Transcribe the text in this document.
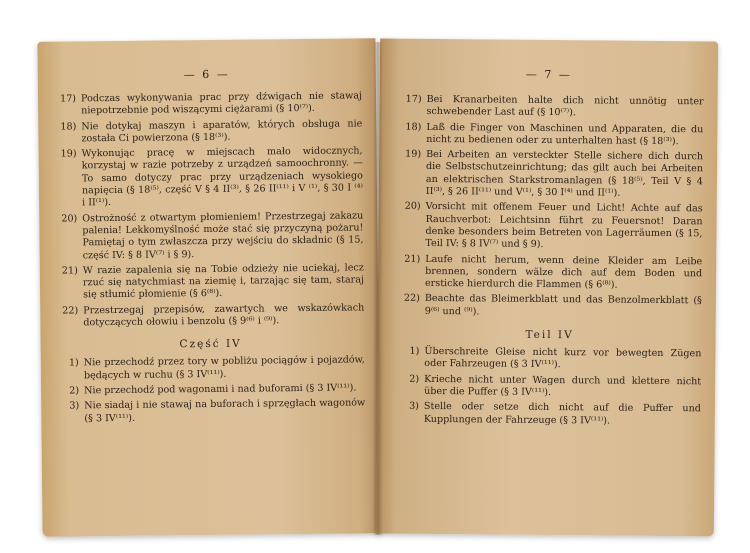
— 6 —
17) Podczas wykonywania prac przy dźwigach nie stawaj niepotrzebnie pod wiszącymi ciężarami (§ 10⁽⁷⁾).
18) Nie dotykaj maszyn i aparatów, których obsługa nie została Ci powierzona (§ 18⁽³⁾).
19) Wykonując pracę w miejscach mało widocznych, korzystaj w razie potrzeby z urządzeń samoochronny. — To samo dotyczy prac przy urządzeniach wysokiego napięcia (§ 18⁽⁵⁾, część V § 4 II⁽³⁾, § 26 II⁽¹¹⁾ i V ⁽¹⁾, § 30 I ⁽⁴⁾ i II⁽¹⁾).
20) Ostrożność z otwartym płomieniem! Przestrzegaj zakazu palenia! Lekkomyślność może stać się przyczyną pożaru! Pamiętaj o tym zwłaszcza przy wejściu do składnic (§ 15, część IV: § 8 IV⁽⁷⁾ i § 9).
21) W razie zapalenia się na Tobie odzieży nie uciekaj, lecz rzuć się natychmiast na ziemię i, tarzając się tam, staraj się stłumić płomienie (§ 6⁽⁸⁾).
22) Przestrzegaj przepisów, zawartych we wskazówkach dotyczących ołowiu i benzolu (§ 9⁽⁶⁾ i ⁽⁹⁾).
Część IV
1) Nie przechodź przez tory w pobliżu pociągów i pojazdów, będących w ruchu (§ 3 IV⁽¹¹⁾).
2) Nie przechodź pod wagonami i nad buforami (§ 3 IV⁽¹¹⁾).
3) Nie siadaj i nie stawaj na buforach i sprzęgłach wagonów (§ 3 IV⁽¹¹⁾).
— 7 —
17) Bei Kranarbeiten halte dich nicht unnötig unter schwebender Last auf (§ 10⁽⁷⁾).
18) Laß die Finger von Maschinen und Apparaten, die du nicht zu bedienen oder zu unterhalten hast (§ 18⁽³⁾).
19) Bei Arbeiten an versteckter Stelle sichere dich durch die Selbstschutzeinrichtung; das gilt auch bei Arbeiten an elektrischen Starkstromanlagen (§ 18⁽⁵⁾, Teil V § 4 II⁽³⁾, § 26 II⁽¹¹⁾ und V⁽¹⁾, § 30 I⁽⁴⁾ und II⁽¹⁾).
20) Vorsicht mit offenem Feuer und Licht! Achte auf das Rauchverbot: Leichtsinn führt zu Feuersnot! Daran denke besonders beim Betreten von Lagerräumen (§ 15, Teil IV: § 8 IV⁽⁷⁾ und § 9).
21) Laufe nicht herum, wenn deine Kleider am Leibe brennen, sondern wälze dich auf dem Boden und ersticke hierdurch die Flammen (§ 6⁽⁸⁾).
22) Beachte das Bleimerkblatt und das Benzolmerkblatt (§ 9⁽⁶⁾ und ⁽⁹⁾).
Teil IV
1) Überschreite Gleise nicht kurz vor bewegten Zügen oder Fahrzeugen (§ 3 IV⁽¹¹⁾).
2) Krieche nicht unter Wagen durch und klettere nicht über die Puffer (§ 3 IV⁽¹¹⁾).
3) Stelle oder setze dich nicht auf die Puffer und Kupplungen der Fahrzeuge (§ 3 IV⁽¹¹⁾).
